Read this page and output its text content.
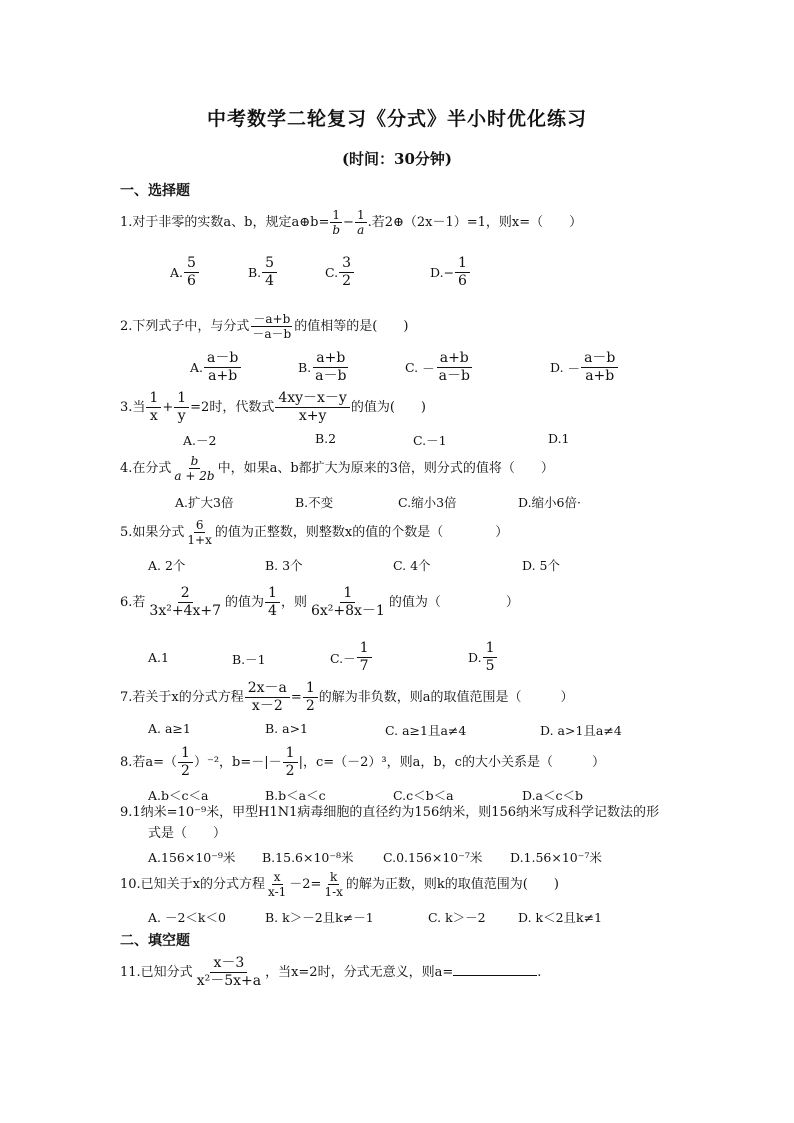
中考数学二轮复习《分式》半小时优化练习
(时间：30分钟)
一、选择题
1.对于非零的实数a、b，规定a⊕b= $\frac{1}{b} - \frac{1}{a}$ .若2⊕（2x－1）=1，则x=（　　）
A. $\frac{5}{6}$	B. $\frac{5}{4}$	C. $\frac{3}{2}$	D. − $\frac{1}{6}$
2.下列式子中，与分式 $\frac{-a+b}{-a-b}$ 的值相等的是(　　)
A. $\frac{a-b}{a+b}$	B. $\frac{a+b}{a-b}$	C.
－ $\frac{a+b}{a-b}$	D.
－ $\frac{a-b}{a+b}$
3.当 $\frac{1}{x} + \frac{1}{y} =2$时，代数式 $\frac{4xy-x-y}{x+y}$ 的值为(　　)
A.－2	B.2	C.－1	D.1
4.在分式 $\frac{b}{a + 2b}$ 中，如果a、b都扩大为原来的3倍，则分式的值将（　　）
A.扩大3倍	B.不变	C.缩小3倍	D.缩小6倍·
5.如果分式 $\frac{6}{1+x}$ 的值为正整数，则整数x的值的个数是（　　　　）
A. 2个	B. 3个	C. 4个	D. 5个
6.若 $\frac{2}{\text{3x²+4x+7}}$ 的值为 $\frac{1}{4}$ ，则 $\frac{1}{\text{6x²+8x－1}}$ 的值为（　　　　　）
A.1	B.－1	$C.- \frac{1}{7}$	D. $\frac{1}{5}$
7.若关于x的分式方程 $\frac{2x-a}{x-2} = \frac{1}{2}$ 的解为非负数，则a的取值范围是（　　　）
A. a≥1	B. a>1	C. a≥1且a≠4	D. a>1且a≠4
8.若$a=( \frac{1}{2} )^{-2}$，$b=-|- \frac{1}{2}$ |，c=（－2）³，则a，b，c的大小关系是（　　　）
A.b＜c＜a	B.b＜a＜c	C.c＜b＜a	D.a＜c＜b
9.1纳米=10⁻⁹米，甲型H1N1病毒细胞的直径约为156纳米，则156纳米写成科学记数法的形
式是（　　）
A.156×10⁻⁹米 B.15.6×10⁻⁸米 C.0.156×10⁻⁷米 D.1.56×10⁻⁷米
10.已知关于x的分式方程 $\frac{x}{x-1} -2= \frac{k}{1-x}$ 的解为正数，则k的取值范围为(　　)
A. －2＜k＜0	B. k＞－2且k≠－1	C. k＞－2	D. k＜2且k≠1
二、填空题
11.已知分式 $\frac{x-3}{\text{x²－5x+a}}$ ，当x=2时，分式无意义，则a=	.
